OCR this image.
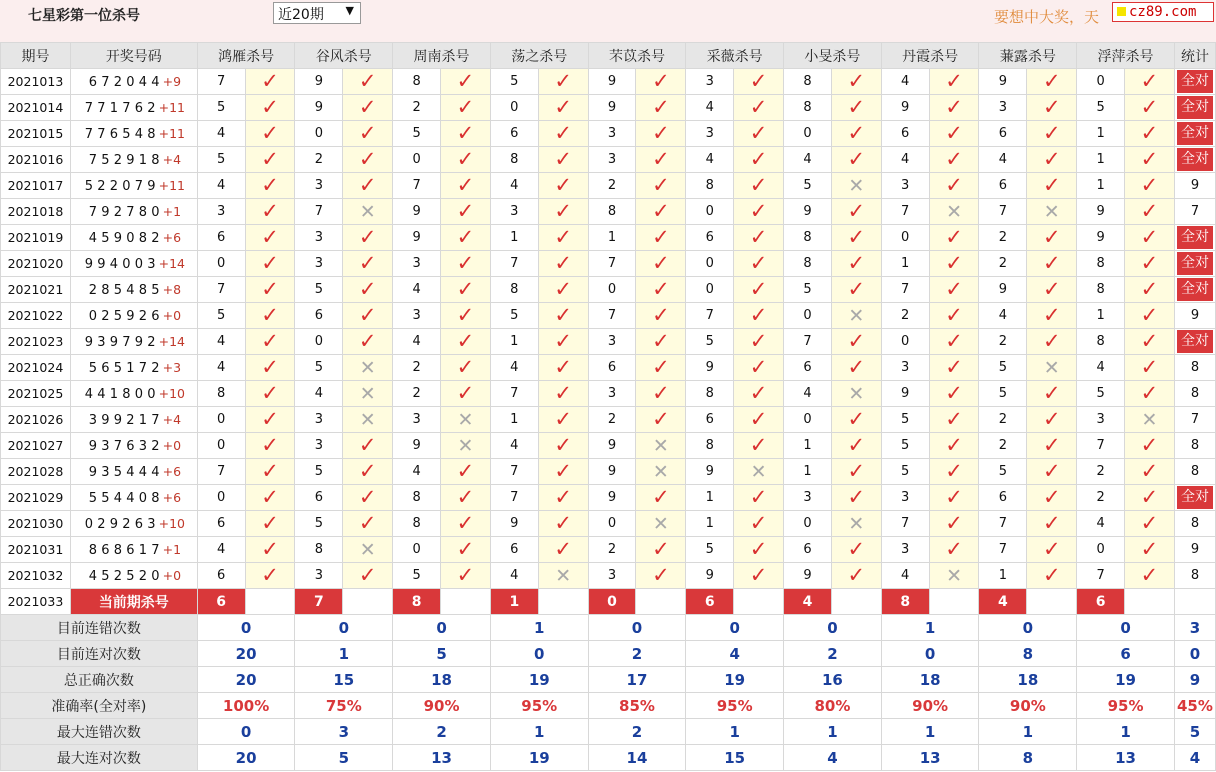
七星彩第一位杀号	近20期 ▼	要想中大奖，天	cz89.com
期号	开奖号码	鸿雁杀号		谷风杀号		周南杀号		荡之杀号		芣苡杀号		采薇杀号		小旻杀号		丹霞杀号		蒹露杀号		浮萍杀号		统计
2021013	6 7 2 0 4 4 +9	7	✓	9	✓	8	✓	5	✓	9	✓	3	✓	8	✓	4	✓	9	✓	0	✓	全对

2021014	7 7 1 7 6 2 +11	5	✓	9	✓	2	✓	0	✓	9	✓	4	✓	8	✓	9	✓	3	✓	5	✓	全对

2021015	7 7 6 5 4 8 +11	4	✓	0	✓	5	✓	6	✓	3	✓	3	✓	0	✓	6	✓	6	✓	1	✓	全对

2021016	7 5 2 9 1 8 +4	5	✓	2	✓	0	✓	8	✓	3	✓	4	✓	4	✓	4	✓	4	✓	1	✓	全对

2021017	5 2 2 0 7 9 +11	4	✓	3	✓	7	✓	4	✓	2	✓	8	✓	5	✕	3	✓	6	✓	1	✓	9
2021018	7 9 2 7 8 0 +1	3	✓	7	✕	9	✓	3	✓	8	✓	0	✓	9	✓	7	✕	7	✕	9	✓	7
2021019	4 5 9 0 8 2 +6	6	✓	3	✓	9	✓	1	✓	1	✓	6	✓	8	✓	0	✓	2	✓	9	✓	全对

2021020	9 9 4 0 0 3 +14	0	✓	3	✓	3	✓	7	✓	7	✓	0	✓	8	✓	1	✓	2	✓	8	✓	全对

2021021	2 8 5 4 8 5 +8	7	✓	5	✓	4	✓	8	✓	0	✓	0	✓	5	✓	7	✓	9	✓	8	✓	全对

2021022	0 2 5 9 2 6 +0	5	✓	6	✓	3	✓	5	✓	7	✓	7	✓	0	✕	2	✓	4	✓	1	✓	9
2021023	9 3 9 7 9 2 +14	4	✓	0	✓	4	✓	1	✓	3	✓	5	✓	7	✓	0	✓	2	✓	8	✓	全对

2021024	5 6 5 1 7 2 +3	4	✓	5	✕	2	✓	4	✓	6	✓	9	✓	6	✓	3	✓	5	✕	4	✓	8
2021025	4 4 1 8 0 0 +10	8	✓	4	✕	2	✓	7	✓	3	✓	8	✓	4	✕	9	✓	5	✓	5	✓	8
2021026	3 9 9 2 1 7 +4	0	✓	3	✕	3	✕	1	✓	2	✓	6	✓	0	✓	5	✓	2	✓	3	✕	7
2021027	9 3 7 6 3 2 +0	0	✓	3	✓	9	✕	4	✓	9	✕	8	✓	1	✓	5	✓	2	✓	7	✓	8
2021028	9 3 5 4 4 4 +6	7	✓	5	✓	4	✓	7	✓	9	✕	9	✕	1	✓	5	✓	5	✓	2	✓	8
2021029	5 5 4 4 0 8 +6	0	✓	6	✓	8	✓	7	✓	9	✓	1	✓	3	✓	3	✓	6	✓	2	✓	全对

2021030	0 2 9 2 6 3 +10	6	✓	5	✓	8	✓	9	✓	0	✕	1	✓	0	✕	7	✓	7	✓	4	✓	8
2021031	8 6 8 6 1 7 +1	4	✓	8	✕	0	✓	6	✓	2	✓	5	✓	6	✓	3	✓	7	✓	0	✓	9
2021032	4 5 2 5 2 0 +0	6	✓	3	✓	5	✓	4	✕	3	✓	9	✓	9	✓	4	✕	1	✓	7	✓	8
2021033	当前期杀号	6		7		8		1		0		6		4		8		4		6		
目前连错次数		0		0		0		1		0		0		0		1		0		0		3
目前连对次数		20		1		5		0		2		4		2		0		8		6		0
总正确次数		20		15		18		19		17		19		16		18		18		19		9
准确率(全对率)		100%		75%		90%		95%		85%		95%		80%		90%		90%		95%		45%
最大连错次数		0		3		2		1		2		1		1		1		1		1		5
最大连对次数		20		5		13		19		14		15		4		13		8		13		4
